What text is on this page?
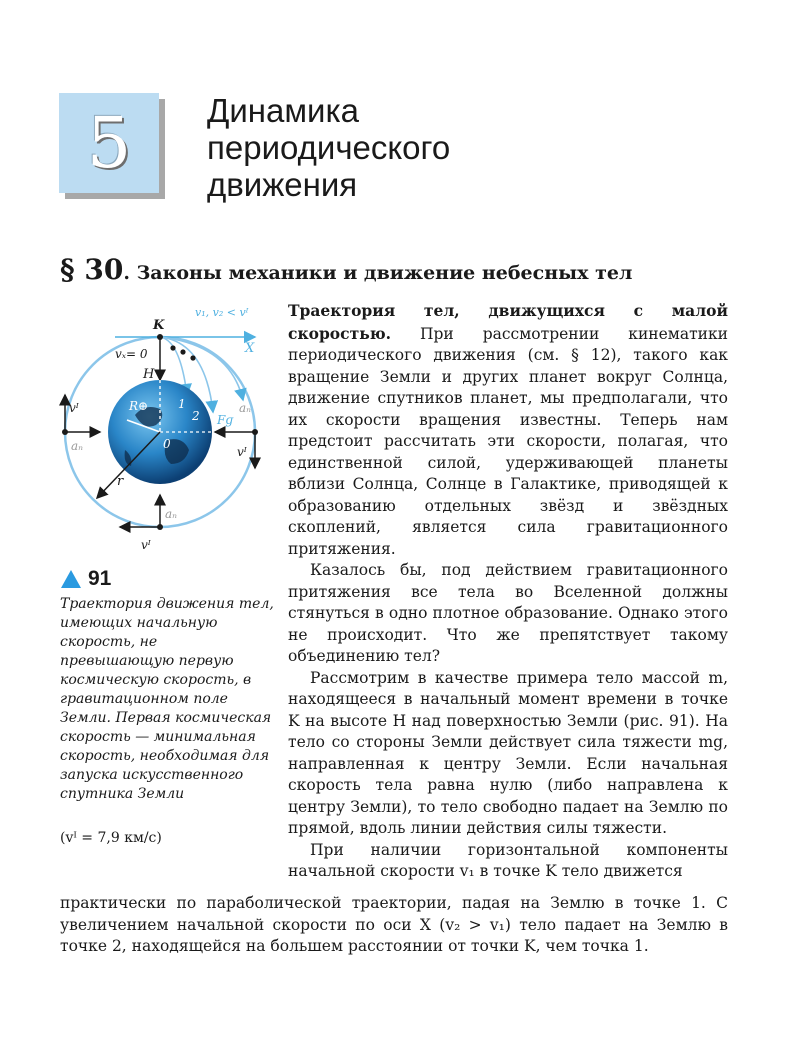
5	Динамика
периодического
движения
§ 30. Законы механики и движение небесных тел
K
X
v₁, v₂ < vᴵ
vₓ= 0
H
vᴵ
aₙ
R⊕ 1
2
0
Fɡ
aₙ
vᴵ
r
aₙ
vᴵ
91
Траектория движения тел, имеющих начальную скорость, не превышающую первую космическую скорость, в гравитационном поле Земли. Первая космическая скорость — минимальная скорость, необходимая для запуска искусственного спутника Земли
(vᴵ = 7,9 км/с)

Траектория тел, движущихся с малой скоростью. При рассмотрении кинематики периодического движения (см. § 12), такого как вращение Земли и других планет вокруг Солнца, движение спутников планет, мы предполагали, что их скорости вращения известны. Теперь нам предстоит рассчитать эти скорости, полагая, что единственной силой, удерживающей планеты вблизи Солнца, Солнце в Галактике, приводящей к образованию отдельных звёзд и звёздных скоплений, является сила гравитационного притяжения.

Казалось бы, под действием гравитационного притяжения все тела во Вселенной должны стянуться в одно плотное образование. Однако этого не происходит. Что же препятствует такому объединению тел?

Рассмотрим в качестве примера тело массой m, находящееся в начальный момент времени в точке K на высоте H над поверхностью Земли (рис. 91). На тело со стороны Земли действует сила тяжести mg, направленная к центру Земли. Если начальная скорость тела равна нулю (либо направлена к центру Земли), то тело свободно падает на Землю по прямой, вдоль линии действия силы тяжести.

При наличии горизонтальной компоненты начальной скорости v₁ в точке K тело движется

практически по параболической траектории, падая на Землю в точке 1. С увеличением начальной скорости по оси X (v₂ > v₁) тело падает на Землю в точке 2, находящейся на большем расстоянии от точки K, чем точка 1.
